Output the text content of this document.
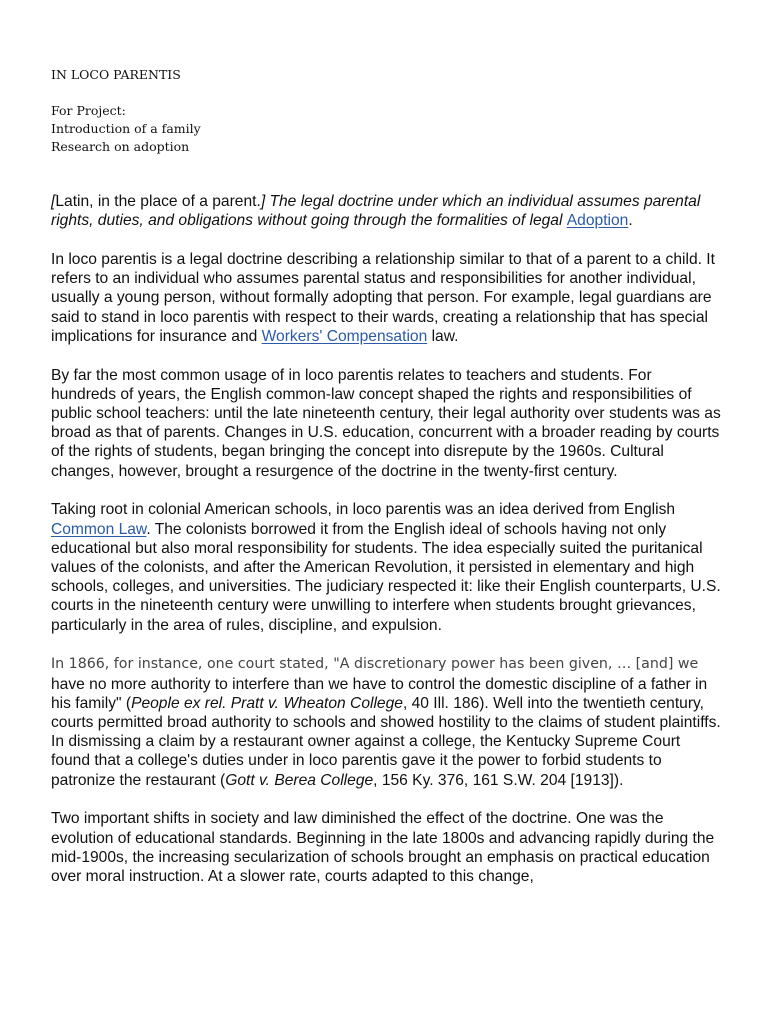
IN LOCO PARENTIS
For Project:
Introduction of a family
Research on adoption

[Latin, in the place of a parent.] The legal doctrine under which an individual assumes parental rights, duties, and obligations without going through the formalities of legal Adoption.

In loco parentis is a legal doctrine describing a relationship similar to that of a parent to a child. It refers to an individual who assumes parental status and responsibilities for another individual, usually a young person, without formally adopting that person. For example, legal guardians are said to stand in loco parentis with respect to their wards, creating a relationship that has special implications for insurance and Workers' Compensation law.

By far the most common usage of in loco parentis relates to teachers and students. For hundreds of years, the English common-law concept shaped the rights and responsibilities of public school teachers: until the late nineteenth century, their legal authority over students was as broad as that of parents. Changes in U.S. education, concurrent with a broader reading by courts of the rights of students, began bringing the concept into disrepute by the 1960s. Cultural changes, however, brought a resurgence of the doctrine in the twenty-first century.

Taking root in colonial American schools, in loco parentis was an idea derived from English Common Law. The colonists borrowed it from the English ideal of schools having not only educational but also moral responsibility for students. The idea especially suited the puritanical values of the colonists, and after the American Revolution, it persisted in elementary and high schools, colleges, and universities. The judiciary respected it: like their English counterparts, U.S. courts in the nineteenth century were unwilling to interfere when students brought grievances, particularly in the area of rules, discipline, and expulsion.

In 1866, for instance, one court stated, "A discretionary power has been given, … [and] we have no more authority to interfere than we have to control the domestic discipline of a father in his family" (People ex rel. Pratt v. Wheaton College, 40 Ill. 186). Well into the twentieth century, courts permitted broad authority to schools and showed hostility to the claims of student plaintiffs. In dismissing a claim by a restaurant owner against a college, the Kentucky Supreme Court found that a college's duties under in loco parentis gave it the power to forbid students to patronize the restaurant (Gott v. Berea College, 156 Ky. 376, 161 S.W. 204 [1913]).

Two important shifts in society and law diminished the effect of the doctrine. One was the evolution of educational standards. Beginning in the late 1800s and advancing rapidly during the mid-1900s, the increasing secularization of schools brought an emphasis on practical education over moral instruction. At a slower rate, courts adapted to this change,
